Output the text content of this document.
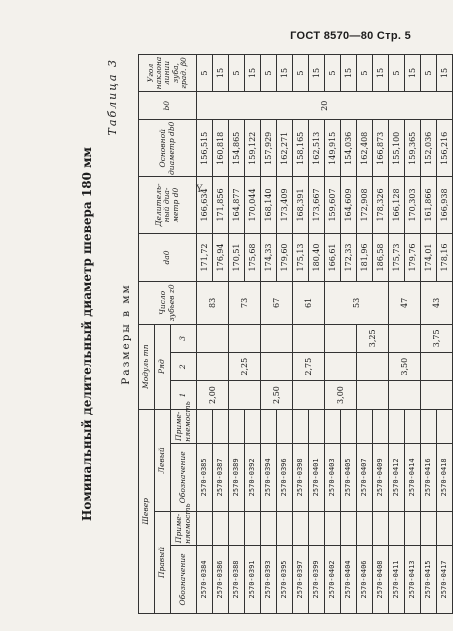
ГОСТ 8570—80 Стр. 5
Y
Номинальный делительный диаметр шевера 180 мм
Таблица 3
Размеры в мм
Шевер				Модуль mn			Число зубьев z0	da0	Делитель- ный диа- метр d0	Основной диаметр db0	b0	Угол наклона линии зуба, град. β0
Правый		Левый		Ряд								
Обозначение	Приме- няемость	Обозначение	Приме- няемость	1	2	3						
2570-0384		2570-0385		2,00			83	171,72	166,634	156,515	20	5
2570-0386		2570-0387						176,94	171,856	160,818		15
2570-0388		2570-0389			2,25		73	170,51	164,877	154,865		5
2570-0391		2570-0392						175,68	170,044	159,122		15
2570-0393		2570-0394		2,50			67	174,33	168,140	157,929		5
2570-0395		2570-0396						179,60	173,409	162,271		15
2570-0397		2570-0398			2,75		61	175,13	168,391	158,165		5
2570-0399		2570-0401						180,40	173,667	162,513		15
2570-0402		2570-0403		3,00			53	166,61	159,607	149,915		5
2570-0404		2570-0405						172,33	164,609	154,036		15
2570-0406		2570-0407				3,25		181,96	172,908	162,408		5
2570-0408		2570-0409						186,58	178,326	166,873		15
2570-0411		2570-0412			3,50		47	175,73	166,128	155,100		5
2570-0413		2570-0414						179,76	170,303	159,365		15
2570-0415		2570-0416				3,75	43	174,01	161,866	152,036		5
2570-0417		2570-0418						178,16	166,938	156,216		15
